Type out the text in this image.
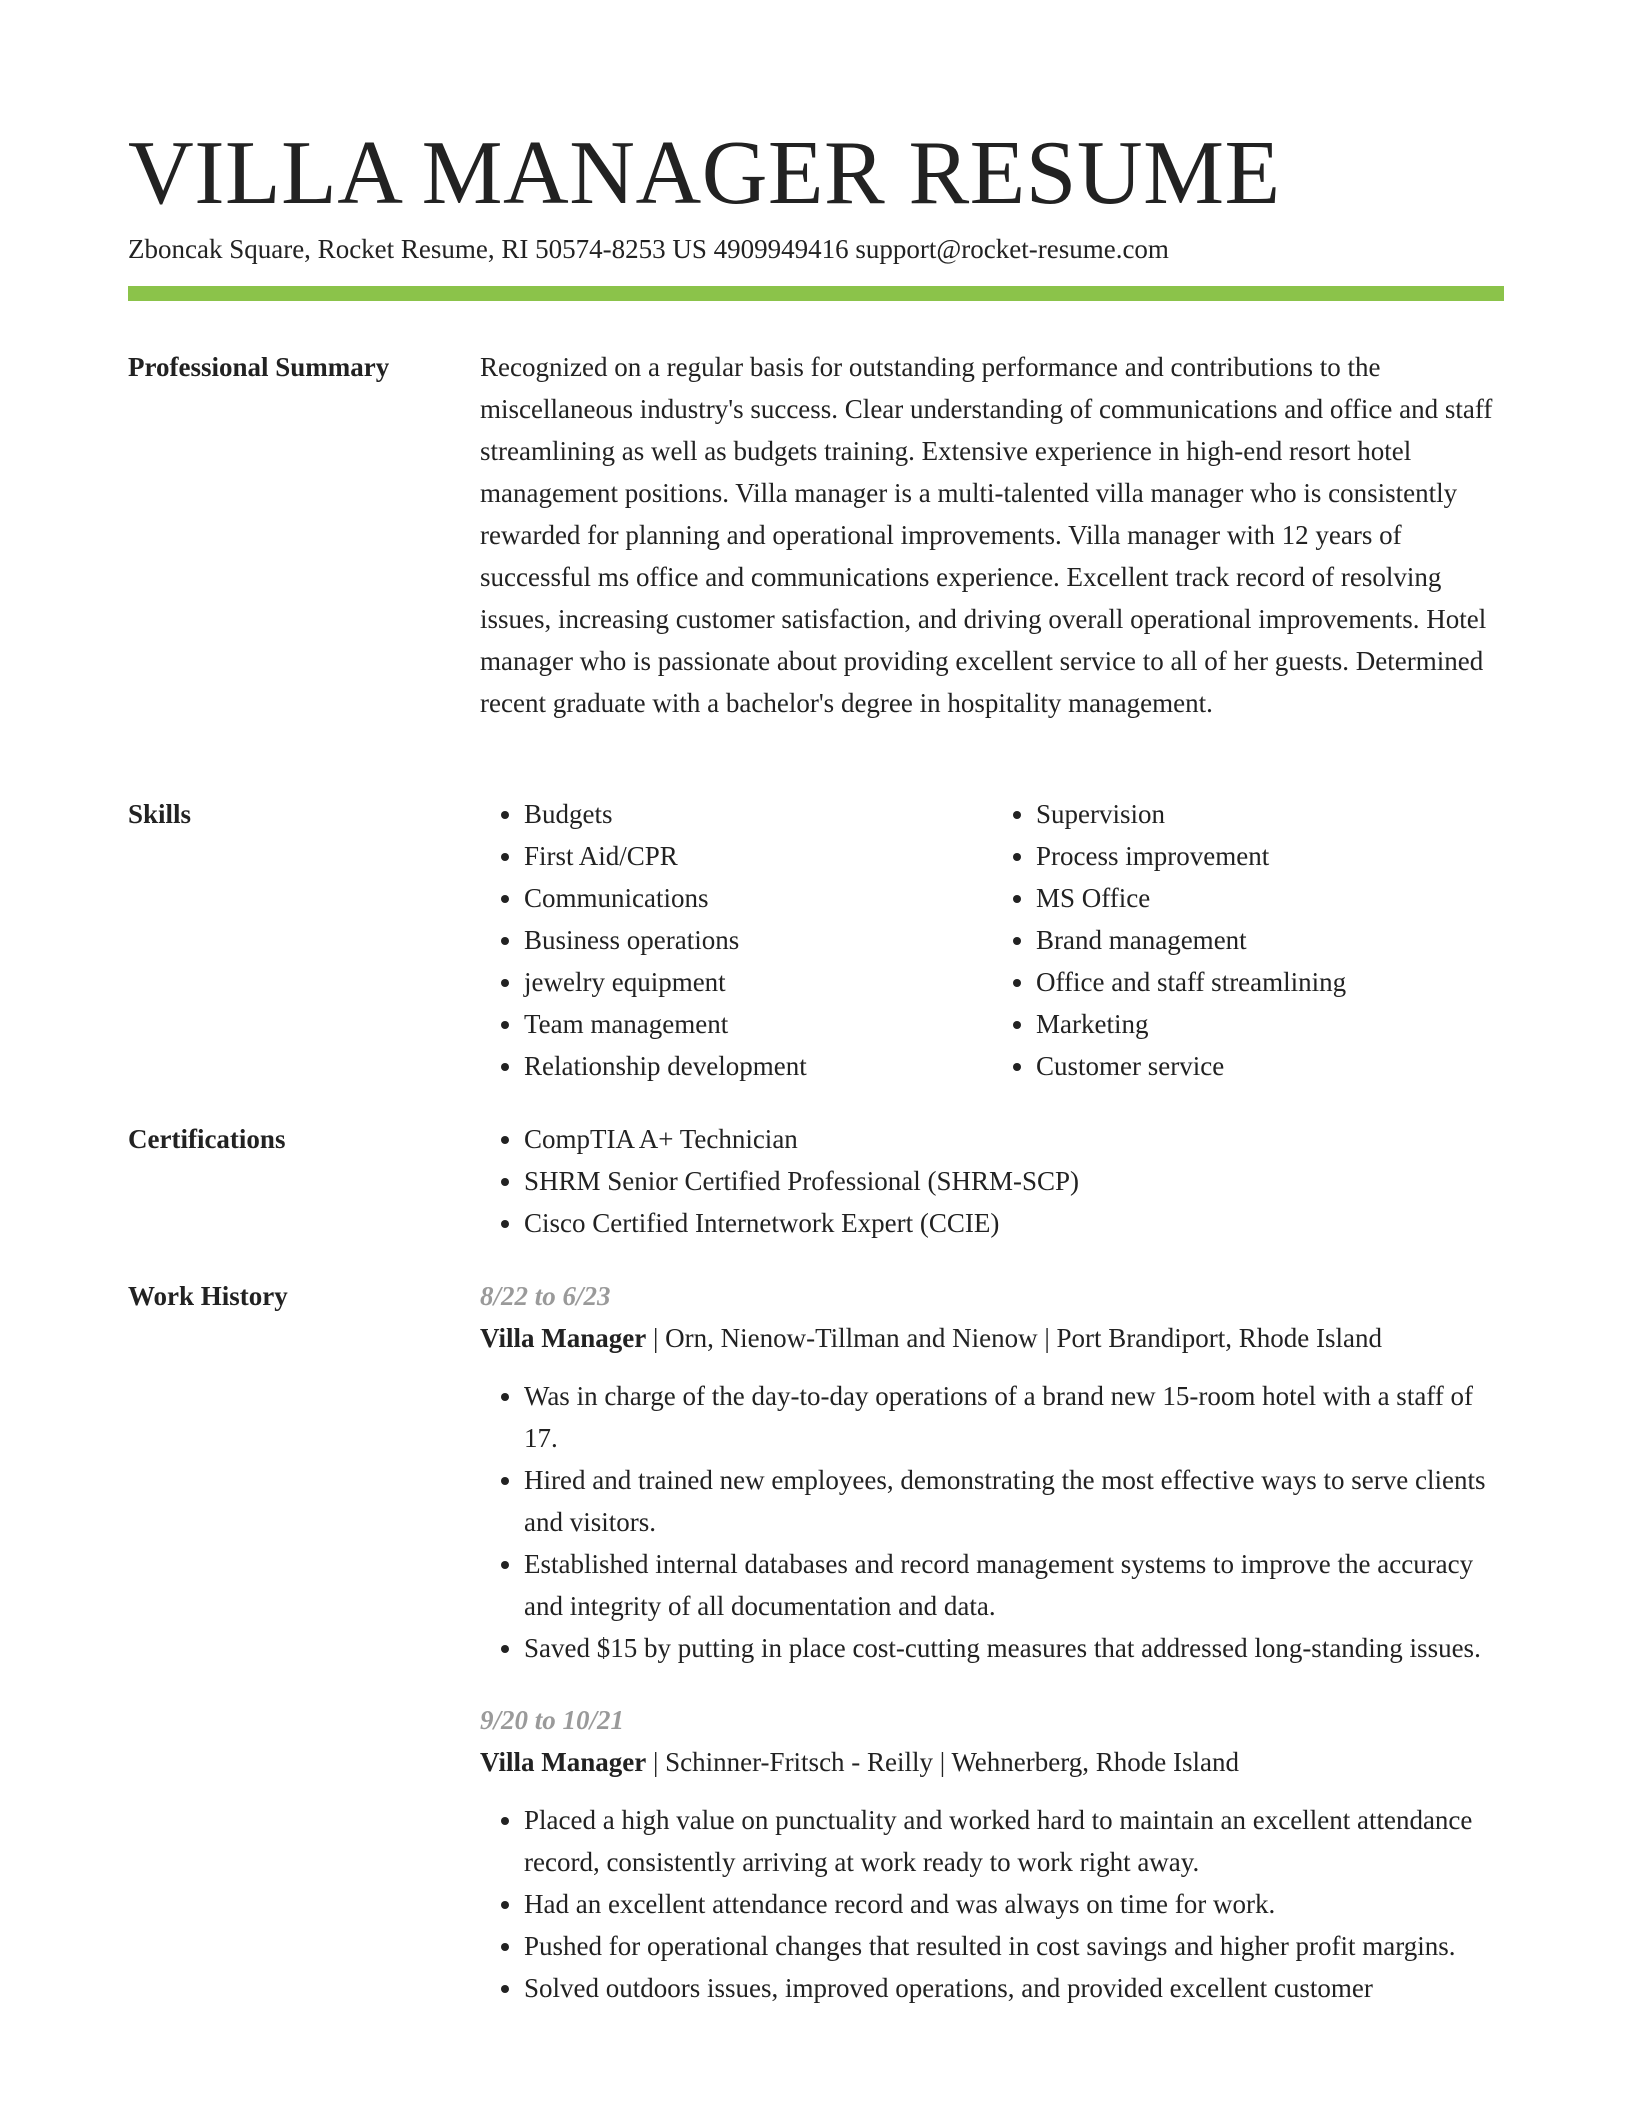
VILLA MANAGER RESUME
Zboncak Square, Rocket Resume, RI 50574-8253 US 4909949416 support@rocket-resume.com
Professional Summary	Recognized on a regular basis for outstanding performance and contributions to the miscellaneous industry's success. Clear understanding of communications and office and staff streamlining as well as budgets training. Extensive experience in high-end resort hotel management positions. Villa manager is a multi-talented villa manager who is consistently rewarded for planning and operational improvements. Villa manager with 12 years of successful ms office and communications experience. Excellent track record of resolving issues, increasing customer satisfaction, and driving overall operational improvements. Hotel manager who is passionate about providing excellent service to all of her guests. Determined recent graduate with a bachelor's degree in hospitality management.

Skills	• Budgets
• First Aid/CPR
• Communications
• Business operations
• jewelry equipment
• Team management
• Relationship development
• Supervision
• Process improvement
• MS Office
• Brand management
• Office and staff streamlining
• Marketing
• Customer service
Certifications	• CompTIA A+ Technician
• SHRM Senior Certified Professional (SHRM-SCP)
• Cisco Certified Internetwork Expert (CCIE)
Work History	8/22 to 6/23
Villa Manager | Orn, Nienow-Tillman and Nienow | Port Brandiport, Rhode Island
• Was in charge of the day-to-day operations of a brand new 15-room hotel with a staff of 17.
• Hired and trained new employees, demonstrating the most effective ways to serve clients and visitors.
• Established internal databases and record management systems to improve the accuracy and integrity of all documentation and data.
• Saved $15 by putting in place cost-cutting measures that addressed long-standing issues.
9/20 to 10/21
Villa Manager | Schinner-Fritsch - Reilly | Wehnerberg, Rhode Island
• Placed a high value on punctuality and worked hard to maintain an excellent attendance record, consistently arriving at work ready to work right away.
• Had an excellent attendance record and was always on time for work.
• Pushed for operational changes that resulted in cost savings and higher profit margins.
• Solved outdoors issues, improved operations, and provided excellent customer
